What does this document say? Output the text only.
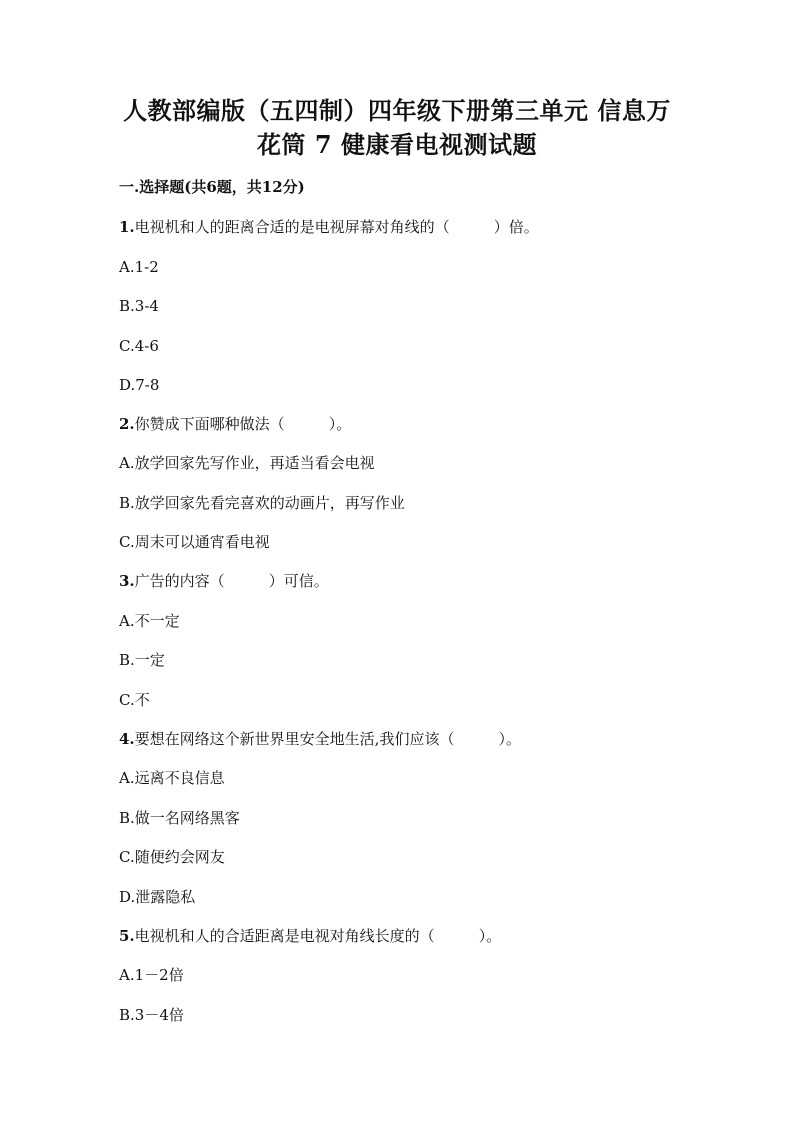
人教部编版（五四制）四年级下册第三单元 信息万
花筒 7 健康看电视测试题
一.选择题(共6题，共12分)
1.电视机和人的距离合适的是电视屏幕对角线的（	）倍。
A.1-2
B.3-4
C.4-6
D.7-8
2.你赞成下面哪种做法（	）。
A.放学回家先写作业，再适当看会电视
B.放学回家先看完喜欢的动画片，再写作业
C.周末可以通宵看电视
3.广告的内容（	）可信。
A.不一定
B.一定
C.不
4.要想在网络这个新世界里安全地生活,我们应该（	）。
A.远离不良信息
B.做一名网络黑客
C.随便约会网友
D.泄露隐私
5.电视机和人的合适距离是电视对角线长度的（	）。
A.1－2倍
B.3－4倍
